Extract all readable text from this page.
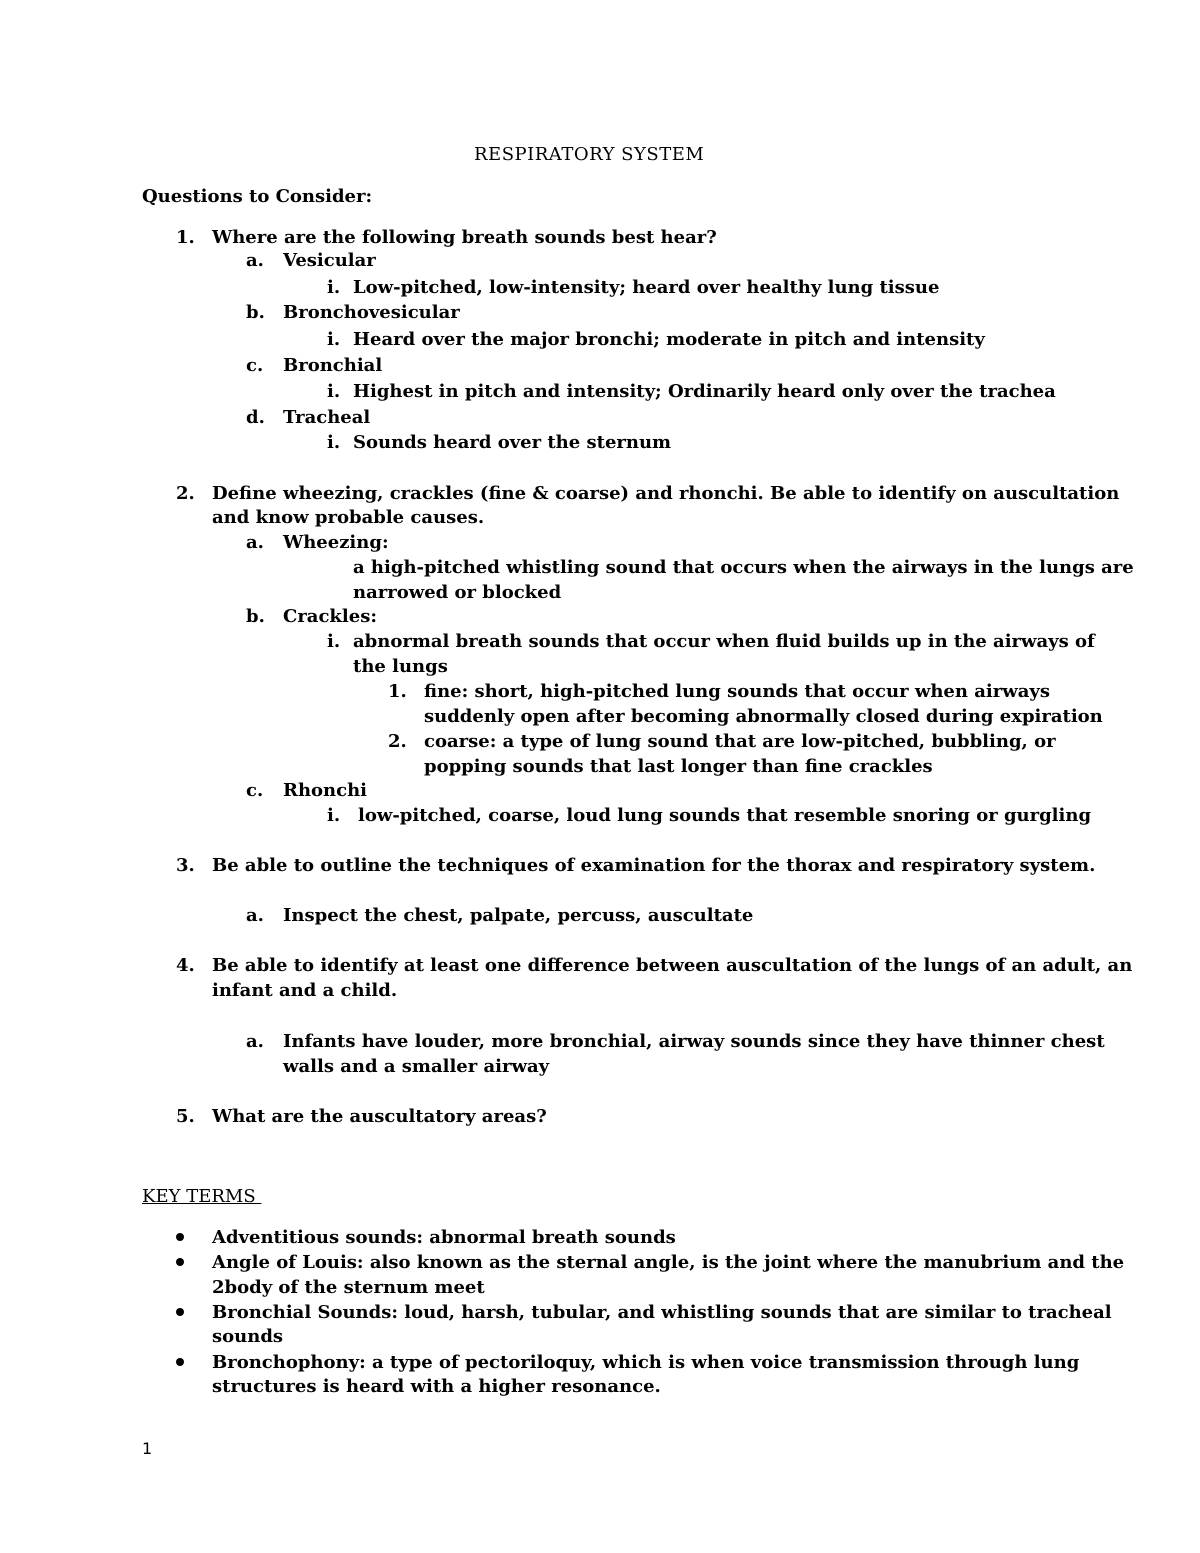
RESPIRATORY SYSTEM
Questions to Consider:
1. Where are the following breath sounds best hear?
a. Vesicular
i. Low-pitched, low-intensity; heard over healthy lung tissue
b. Bronchovesicular
i. Heard over the major bronchi; moderate in pitch and intensity
c. Bronchial
i. Highest in pitch and intensity; Ordinarily heard only over the trachea
d. Tracheal
i. Sounds heard over the sternum
2. Define wheezing, crackles (fine & coarse) and rhonchi. Be able to identify on auscultation
and know probable causes.
a. Wheezing:
a high-pitched whistling sound that occurs when the airways in the lungs are
narrowed or blocked
b. Crackles:
i. abnormal breath sounds that occur when fluid builds up in the airways of
the lungs
1. fine: short, high-pitched lung sounds that occur when airways
suddenly open after becoming abnormally closed during expiration
2. coarse: a type of lung sound that are low-pitched, bubbling, or
popping sounds that last longer than fine crackles
c. Rhonchi
i. low-pitched, coarse, loud lung sounds that resemble snoring or gurgling
3. Be able to outline the techniques of examination for the thorax and respiratory system.
a. Inspect the chest, palpate, percuss, auscultate
4. Be able to identify at least one difference between auscultation of the lungs of an adult, an
infant and a child.
a. Infants have louder, more bronchial, airway sounds since they have thinner chest
walls and a smaller airway
5. What are the auscultatory areas?
KEY TERMS
Adventitious sounds: abnormal breath sounds
Angle of Louis: also known as the sternal angle, is the joint where the manubrium and the
2body of the sternum meet
Bronchial Sounds: loud, harsh, tubular, and whistling sounds that are similar to tracheal
sounds
Bronchophony: a type of pectoriloquy, which is when voice transmission through lung
structures is heard with a higher resonance.
1
